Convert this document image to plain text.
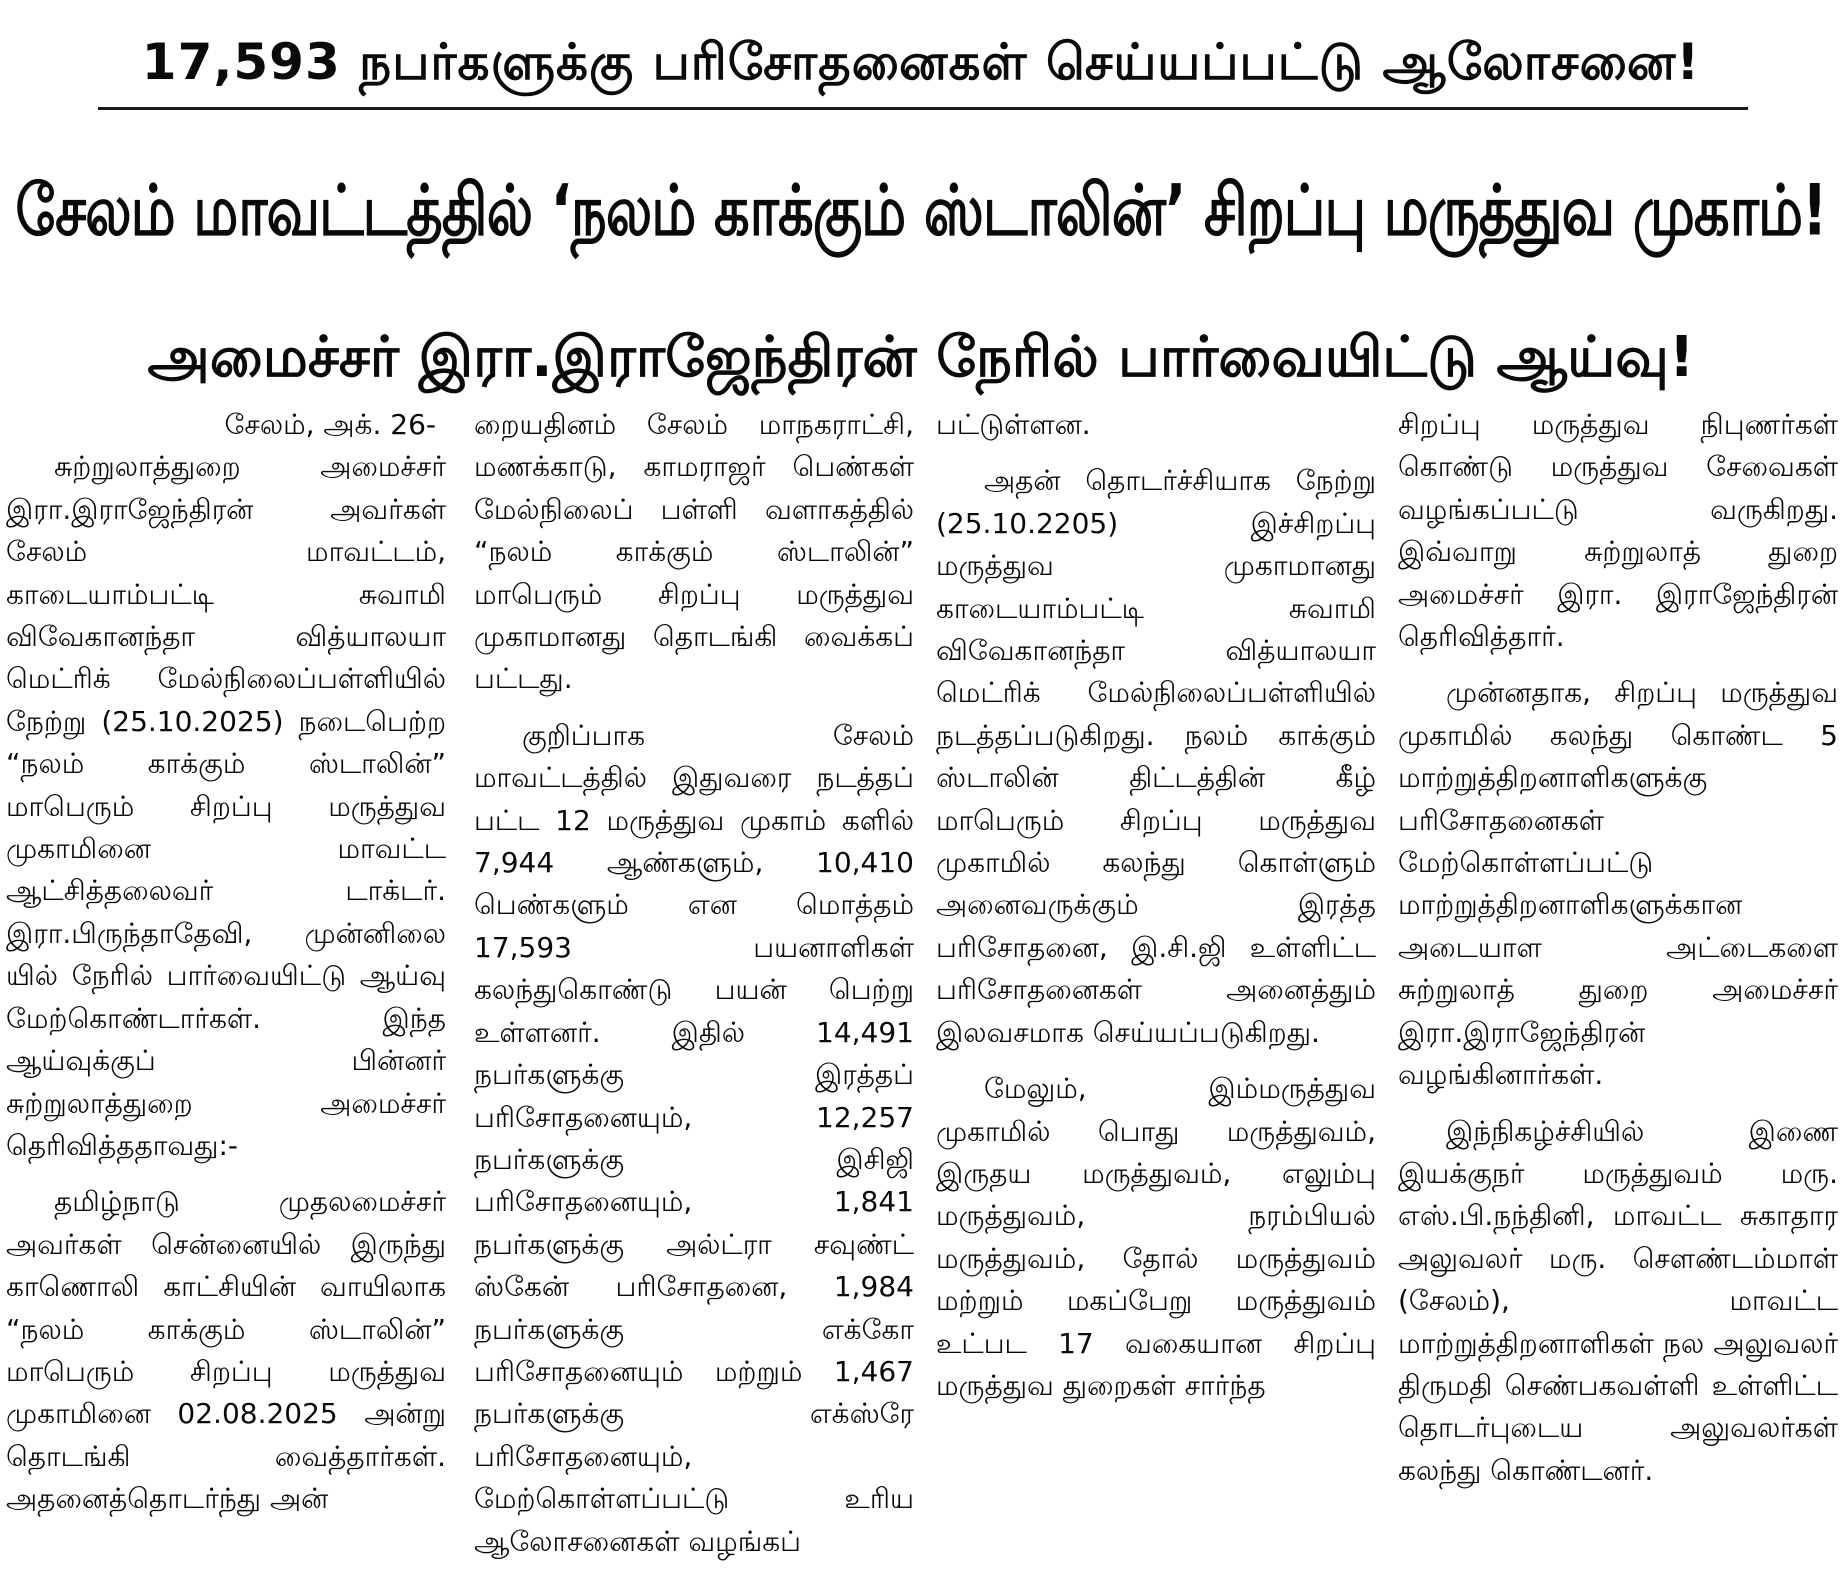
17,593 நபர்களுக்கு பரிசோதனைகள் செய்யப்பட்டு ஆலோசனை!
சேலம் மாவட்டத்தில் ‘நலம் காக்கும் ஸ்டாலின்’ சிறப்பு மருத்துவ முகாம்!
அமைச்சர் இரா.இராஜேந்திரன் நேரில் பார்வையிட்டு ஆய்வு!

சேலம், அக். 26-

சுற்றுலாத்துறை அமைச்சர் இரா.இராஜேந்திரன் அவர்கள் சேலம் மாவட்டம், காடையாம்பட்டி சுவாமி விவேகானந்தா வித்யாலயா மெட்ரிக் மேல்நிலைப்பள்ளியில் நேற்று (25.10.2025) நடைபெற்ற “நலம் காக்கும் ஸ்டாலின்” மாபெரும் சிறப்பு மருத்துவ முகாமினை மாவட்ட ஆட்சித்தலைவர் டாக்டர். இரா.பிருந்தாதேவி, முன்னிலை யில் நேரில் பார்வையிட்டு ஆய்வு மேற்கொண்டார்கள். இந்த ஆய்வுக்குப் பின்னர் சுற்றுலாத்துறை அமைச்சர் தெரிவித்ததாவது:-

தமிழ்நாடு முதலமைச்சர் அவர்கள் சென்னையில் இருந்து காணொலி காட்சியின் வாயிலாக “நலம் காக்கும் ஸ்டாலின்” மாபெரும் சிறப்பு மருத்துவ முகாமினை 02.08.2025 அன்று தொடங்கி வைத்தார்கள். அதனைத்தொடர்ந்து அன்

றையதினம் சேலம் மாநகராட்சி, மணக்காடு, காமராஜர் பெண்கள் மேல்நிலைப் பள்ளி வளாகத்தில் “நலம் காக்கும் ஸ்டாலின்” மாபெரும் சிறப்பு மருத்துவ முகாமானது தொடங்கி வைக்கப் பட்டது.

குறிப்பாக சேலம் மாவட்டத்தில் இதுவரை நடத்தப் பட்ட 12 மருத்துவ முகாம் களில் 7,944 ஆண்களும், 10,410 பெண்களும் என மொத்தம் 17,593 பயனாளிகள் கலந்துகொண்டு பயன் பெற்று உள்ளனர். இதில் 14,491 நபர்களுக்கு இரத்தப் பரிசோதனையும், 12,257 நபர்களுக்கு இசிஜி பரிசோதனையும், 1,841 நபர்களுக்கு அல்ட்ரா சவுண்ட் ஸ்கேன் பரிசோதனை, 1,984 நபர்களுக்கு எக்கோ பரிசோதனையும் மற்றும் 1,467 நபர்களுக்கு எக்ஸ்ரே பரிசோதனையும், மேற்கொள்ளப்பட்டு உரிய ஆலோசனைகள் வழங்கப்

பட்டுள்ளன.

அதன் தொடர்ச்சியாக நேற்று (25.10.2205) இச்சிறப்பு மருத்துவ முகாமானது காடையாம்பட்டி சுவாமி விவேகானந்தா வித்யாலயா மெட்ரிக் மேல்நிலைப்பள்ளியில் நடத்தப்படுகிறது. நலம் காக்கும் ஸ்டாலின் திட்டத்தின் கீழ் மாபெரும் சிறப்பு மருத்துவ முகாமில் கலந்து கொள்ளும் அனைவருக்கும் இரத்த பரிசோதனை, இ.சி.ஜி உள்ளிட்ட பரிசோதனைகள் அனைத்தும் இலவசமாக செய்யப்படுகிறது.

மேலும், இம்மருத்துவ முகாமில் பொது மருத்துவம், இருதய மருத்துவம், எலும்பு மருத்துவம், நரம்பியல் மருத்துவம், தோல் மருத்துவம் மற்றும் மகப்பேறு மருத்துவம் உட்பட 17 வகையான சிறப்பு மருத்துவ துறைகள் சார்ந்த

சிறப்பு மருத்துவ நிபுணர்கள் கொண்டு மருத்துவ சேவைகள் வழங்கப்பட்டு வருகிறது. இவ்வாறு சுற்றுலாத் துறை அமைச்சர் இரா. இராஜேந்திரன் தெரிவித்தார்.

முன்னதாக, சிறப்பு மருத்துவ முகாமில் கலந்து கொண்ட 5 மாற்றுத்திறனாளிகளுக்கு பரிசோதனைகள் மேற்கொள்ளப்பட்டு மாற்றுத்திறனாளிகளுக்கான அடையாள அட்டைகளை சுற்றுலாத் துறை அமைச்சர் இரா.இராஜேந்திரன் வழங்கினார்கள்.

இந்நிகழ்ச்சியில் இணை இயக்குநர் மருத்துவம் மரு. எஸ்.பி.நந்தினி, மாவட்ட சுகாதார அலுவலர் மரு. சௌண்டம்மாள் (சேலம்), மாவட்ட மாற்றுத்திறனாளிகள் நல அலுவலர் திருமதி செண்பகவள்ளி உள்ளிட்ட தொடர்புடைய அலுவலர்கள் கலந்து கொண்டனர்.
